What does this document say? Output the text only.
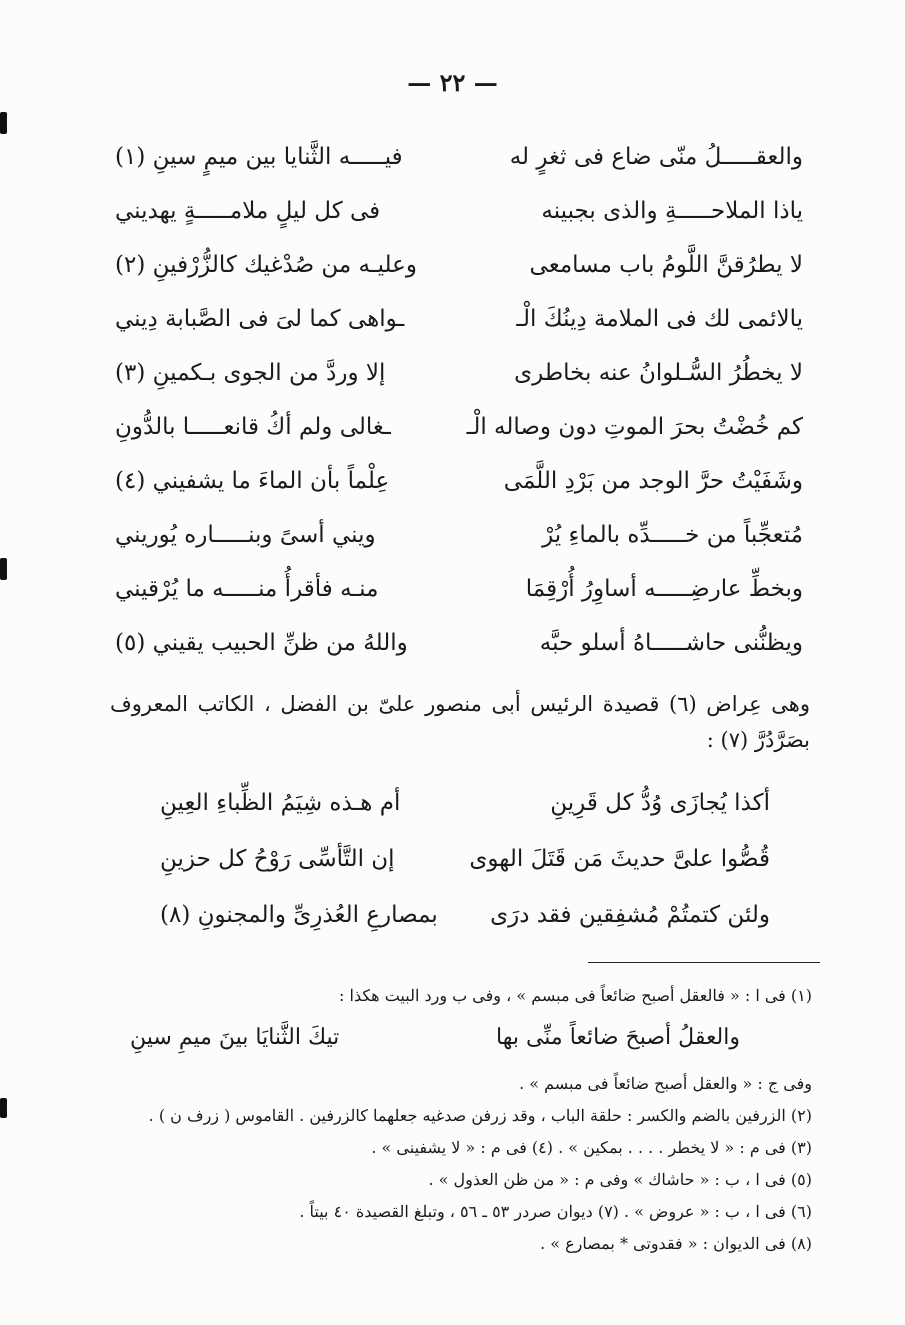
— ٢٢ —
والعقـــــلُ منّى ضاع فى ثغرٍ له
فيـــــه الثَّنايا بين ميمٍ سينِ (١)
ياذا الملاحـــــةِ والذى بجبينه
فى كل ليلٍ ملامـــــةٍ يهديني
لا يطرُقنَّ اللَّومُ باب مسامعى
وعليـه من صُدْغيك كالزُّرْفينِ (٢)
يالائمى لك فى الملامة دِينُكَ الْـ
ـواهى كما لىَ فى الصَّبابة دِيني
لا يخطُرُ السُّـلوانُ عنه بخاطرى
إلا وردَّ من الجوى بـكمينِ (٣)
كم خُضْتُ بحرَ الموتِ دون وصاله الْـ
ـغالى ولم أكُ قانعـــــا بالدُّونِ
وشَفَيْتُ حرَّ الوجد من بَرْدِ اللَّمَى
عِلْماً بأن الماءَ ما يشفيني (٤)
مُتعجِّباً من خـــــدِّه بالماءِ يُرْ
ويني أسىً وبنـــــاره يُوريني
وبخطِّ عارضِـــــه أساوِرُ أُرْقِمَا
منـه فأقرأُ منـــــه ما يُرْقيني
ويظنُّنى حاشـــــاهُ أسلو حبَّه
واللهُ من ظنِّ الحبيب يقيني (٥)
وهى عِراض (٦) قصيدة الرئيس أبى منصور علىّ بن الفضل ، الكاتب المعروف بصَرَّدُرَّ (٧) :
أكذا يُجازَى وُدُّ كل قَرِينِ
أم هـذه شِيَمُ الظِّباءِ العِينِ
قُصُّوا علىَّ حديثَ مَن قَتَلَ الهوى
إن التَّأسِّى رَوْحُ كل حزينِ
ولئن كتمتُمْ مُشفِقين فقد درَى
بمصارعِ العُذرِىِّ والمجنونِ (٨)
(١) فى ا : « فالعقل أصبح ضائعاً فى مبسم » ، وفى ب ورد البيت هكذا :
والعقلُ أصبحَ ضائعاً منِّى بها
تيكَ الثَّنايَا بينَ ميمِ سينِ
وفى ج : « والعقل أصبح ضائعاً فى مبسم » .
(٢) الزرفين بالضم والكسر : حلقة الباب ، وقد زرفن صدغيه جعلهما كالزرفين . القاموس ( زرف ن ) .
(٣) فى م : « لا يخطر . . . . بمكين » . (٤) فى م : « لا يشفينى » .
(٥) فى ا ، ب : « حاشاك » وفى م : « من ظن العذول » .
(٦) فى ا ، ب : « عروض » . (٧) ديوان صردر ٥٣ ـ ٥٦ ، وتبلغ القصيدة ٤٠ بيتاً .
(٨) فى الديوان : « فقدوتى * بمصارع » .
